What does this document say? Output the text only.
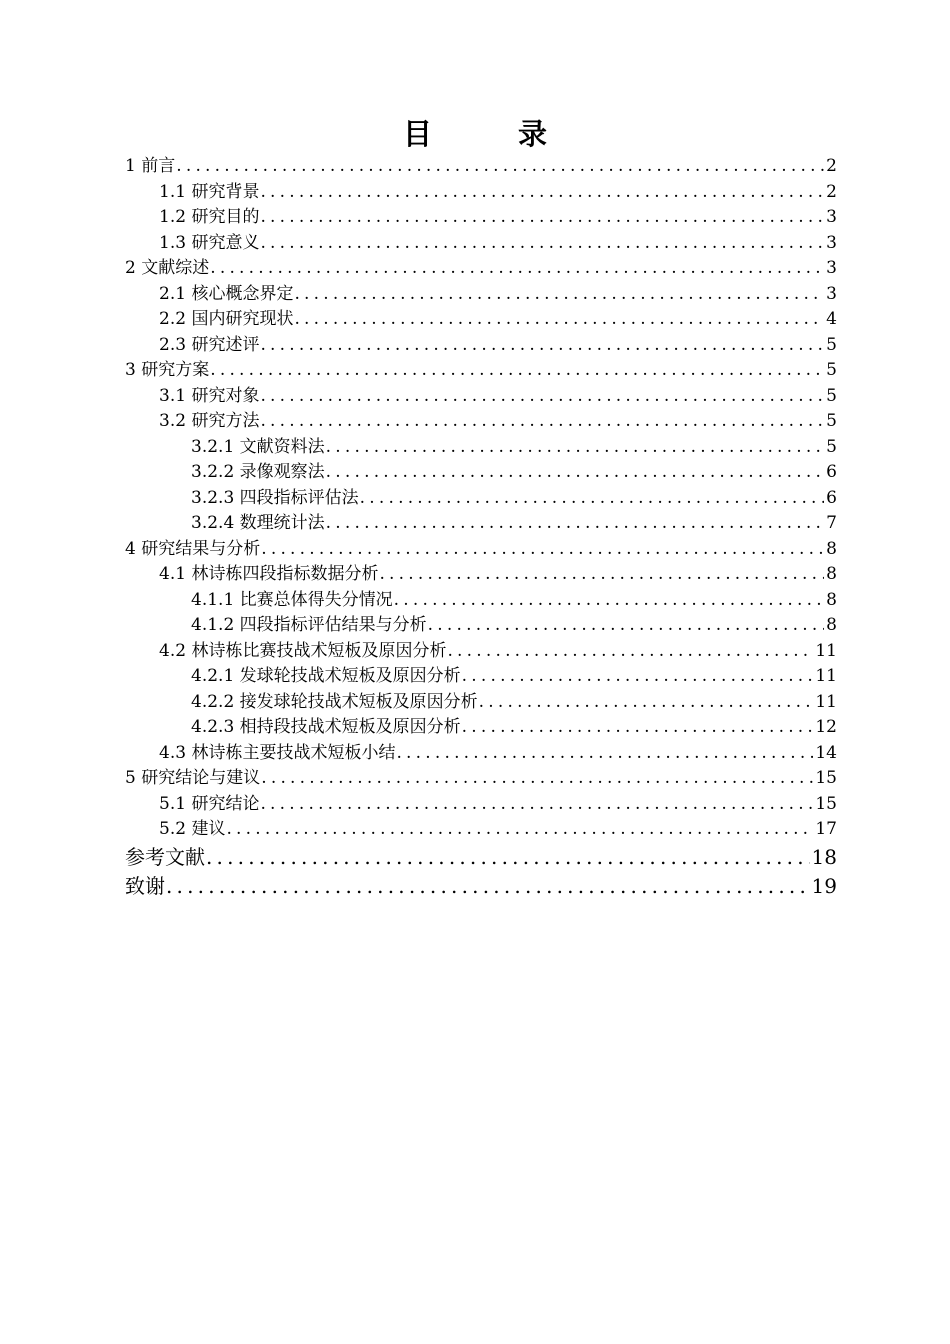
目 录
1 前言 .....	2
1.1 研究背景 .....	2
1.2 研究目的 .....	3
1.3 研究意义 .....	3
2 文献综述 .....	3
2.1 核心概念界定 .....	3
2.2 国内研究现状 .....	4
2.3 研究述评 .....	5
3 研究方案 .....	5
3.1 研究对象 .....	5
3.2 研究方法 .....	5
3.2.1 文献资料法 .....	5
3.2.2 录像观察法 .....	6
3.2.3 四段指标评估法 .....	6
3.2.4 数理统计法 .....	7
4 研究结果与分析 .....	8
4.1 林诗栋四段指标数据分析 .....	8
4.1.1 比赛总体得失分情况 .....	8
4.1.2 四段指标评估结果与分析 .....	8
4.2 林诗栋比赛技战术短板及原因分析 .....	11
4.2.1 发球轮技战术短板及原因分析 .....	11
4.2.2 接发球轮技战术短板及原因分析 .....	11
4.2.3 相持段技战术短板及原因分析 .....	12
4.3 林诗栋主要技战术短板小结 .....	14
5 研究结论与建议 .....	15
5.1 研究结论 .....	15
5.2 建议 .....	17
参考文献 .....	18
致谢 .....	19
